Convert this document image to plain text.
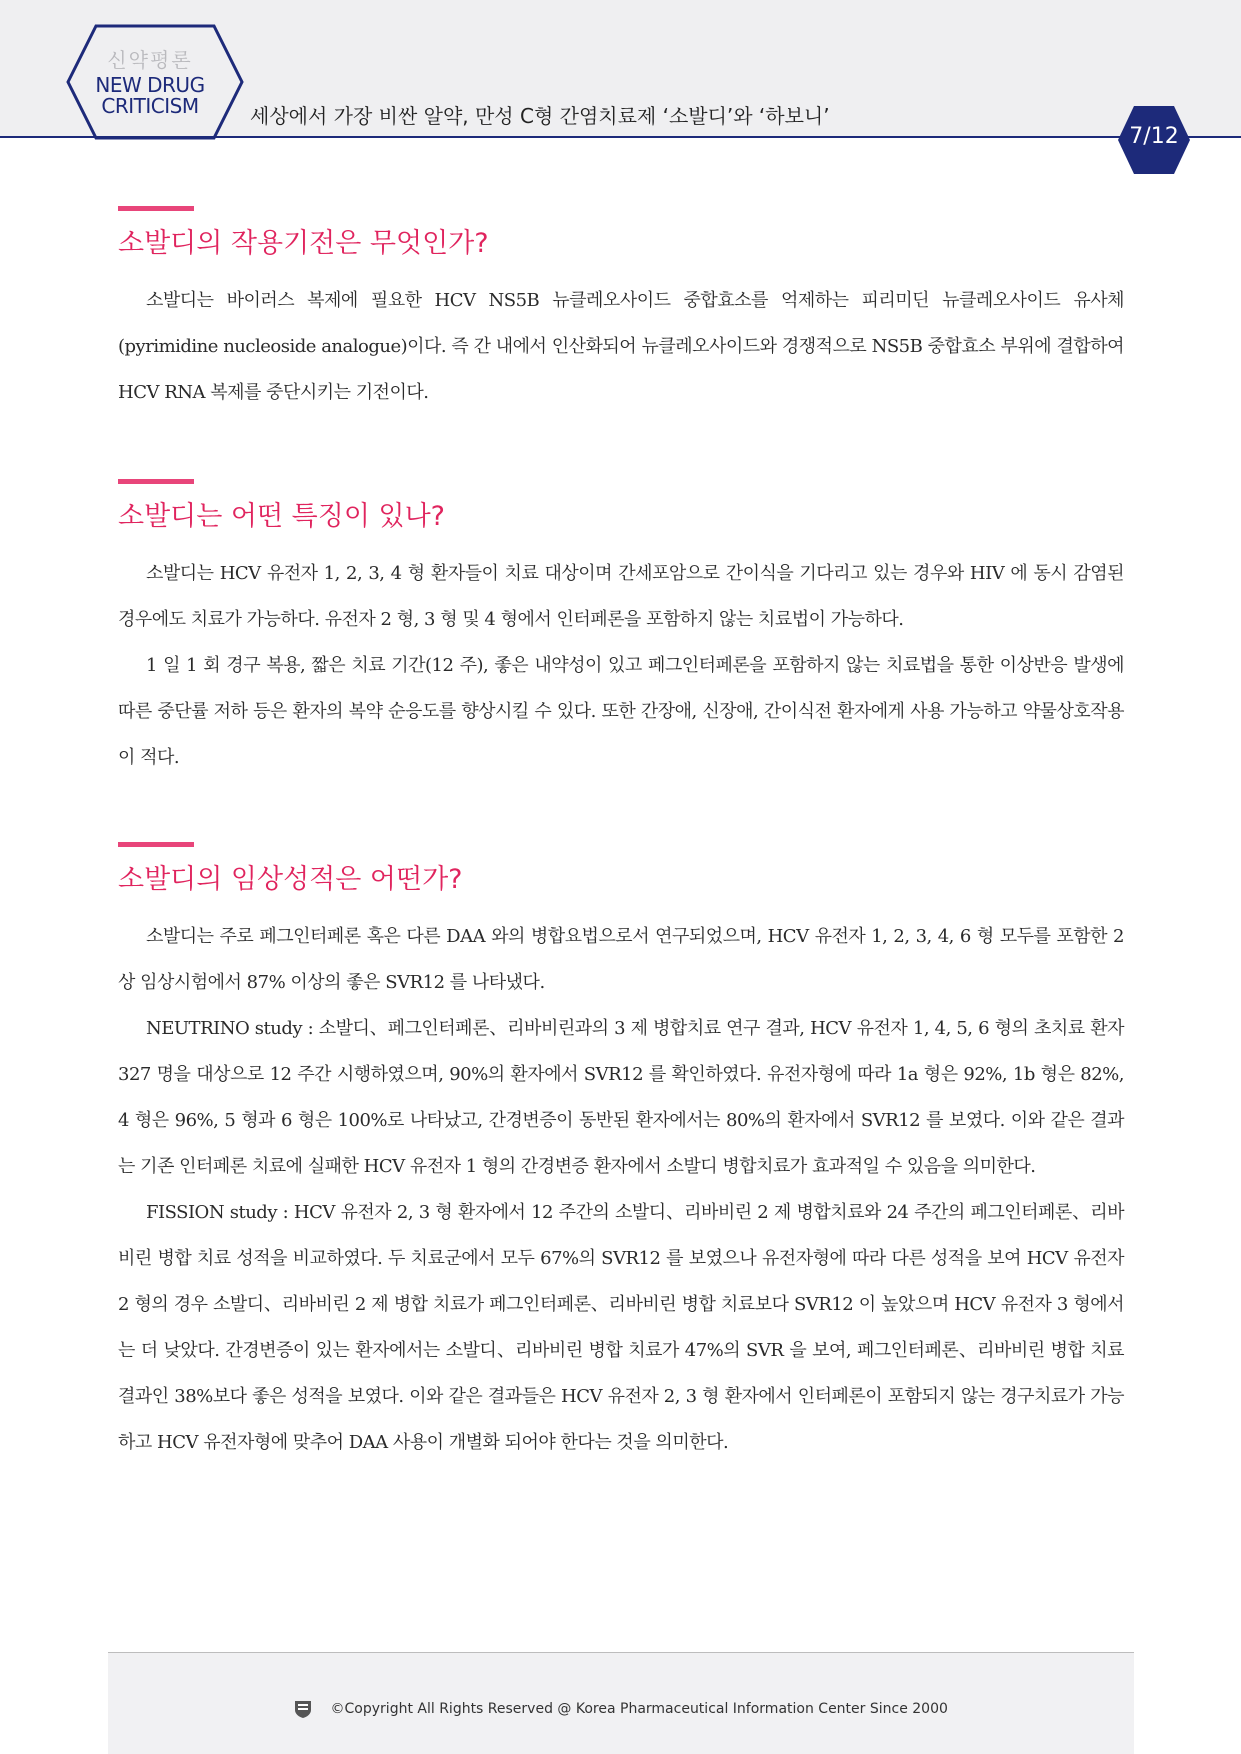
신약평론
NEW DRUG
CRITICISM	세상에서 가장 비싼 알약, 만성 C형 간염치료제 ‘소발디’와 ‘하보니’
7/12
소발디의 작용기전은 무엇인가?

소발디는 바이러스 복제에 필요한 HCV NS5B 뉴클레오사이드 중합효소를 억제하는 피리미딘 뉴클레오사이드 유사체(pyrimidine nucleoside analogue)이다. 즉 간 내에서 인산화되어 뉴클레오사이드와 경쟁적으로 NS5B 중합효소 부위에 결합하여 HCV RNA 복제를 중단시키는 기전이다.

소발디는 어떤 특징이 있나?

소발디는 HCV 유전자 1, 2, 3, 4 형 환자들이 치료 대상이며 간세포암으로 간이식을 기다리고 있는 경우와 HIV 에 동시 감염된 경우에도 치료가 가능하다. 유전자 2 형, 3 형 및 4 형에서 인터페론을 포함하지 않는 치료법이 가능하다.

1 일 1 회 경구 복용, 짧은 치료 기간(12 주), 좋은 내약성이 있고 페그인터페론을 포함하지 않는 치료법을 통한 이상반응 발생에 따른 중단률 저하 등은 환자의 복약 순응도를 향상시킬 수 있다. 또한 간장애, 신장애, 간이식전 환자에게 사용 가능하고 약물상호작용이 적다.

소발디의 임상성적은 어떤가?

소발디는 주로 페그인터페론 혹은 다른 DAA 와의 병합요법으로서 연구되었으며, HCV 유전자 1, 2, 3, 4, 6 형 모두를 포함한 2 상 임상시험에서 87% 이상의 좋은 SVR12 를 나타냈다.

NEUTRINO study : 소발디、페그인터페론、리바비린과의 3 제 병합치료 연구 결과, HCV 유전자 1, 4, 5, 6 형의 초치료 환자 327 명을 대상으로 12 주간 시행하였으며, 90%의 환자에서 SVR12 를 확인하였다. 유전자형에 따라 1a 형은 92%, 1b 형은 82%, 4 형은 96%, 5 형과 6 형은 100%로 나타났고, 간경변증이 동반된 환자에서는 80%의 환자에서 SVR12 를 보였다. 이와 같은 결과는 기존 인터페론 치료에 실패한 HCV 유전자 1 형의 간경변증 환자에서 소발디 병합치료가 효과적일 수 있음을 의미한다.

FISSION study : HCV 유전자 2, 3 형 환자에서 12 주간의 소발디、리바비린 2 제 병합치료와 24 주간의 페그인터페론、리바비린 병합 치료 성적을 비교하였다. 두 치료군에서 모두 67%의 SVR12 를 보였으나 유전자형에 따라 다른 성적을 보여 HCV 유전자 2 형의 경우 소발디、리바비린 2 제 병합 치료가 페그인터페론、리바비린 병합 치료보다 SVR12 이 높았으며 HCV 유전자 3 형에서는 더 낮았다. 간경변증이 있는 환자에서는 소발디、리바비린 병합 치료가 47%의 SVR 을 보여, 페그인터페론、리바비린 병합 치료 결과인 38%보다 좋은 성적을 보였다. 이와 같은 결과들은 HCV 유전자 2, 3 형 환자에서 인터페론이 포함되지 않는 경구치료가 가능하고 HCV 유전자형에 맞추어 DAA 사용이 개별화 되어야 한다는 것을 의미한다.

©Copyright All Rights Reserved @ Korea Pharmaceutical Information Center Since 2000
